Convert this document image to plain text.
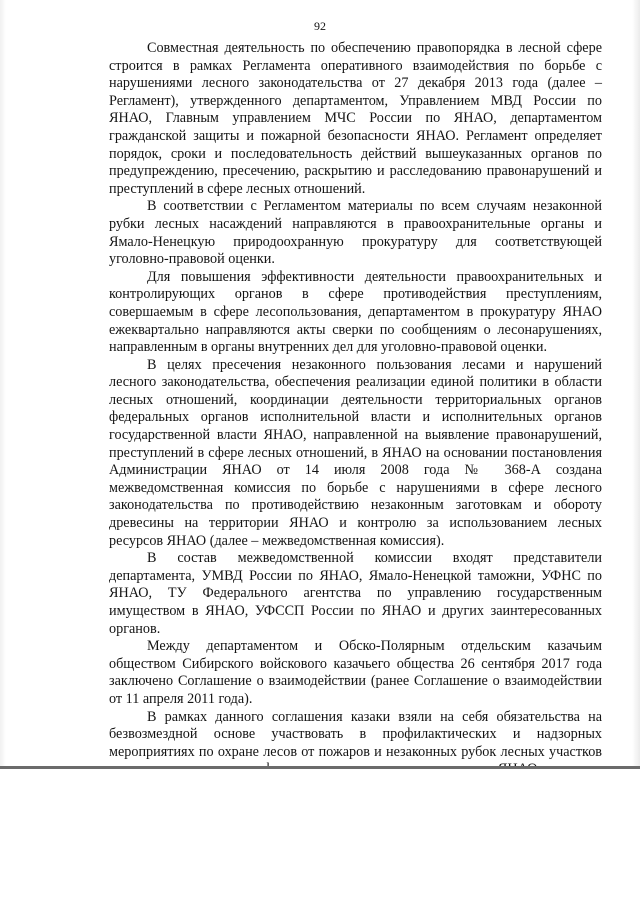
92

Совместная деятельность по обеспечению правопорядка в лесной сфере строится в рамках Регламента оперативного взаимодействия по борьбе с нарушениями лесного законодательства от 27 декабря 2013 года (далее – Регламент), утвержденного департаментом, Управлением МВД России по ЯНАО, Главным управлением МЧС России по ЯНАО, департаментом гражданской защиты и пожарной безопасности ЯНАО. Регламент определяет порядок, сроки и последовательность действий вышеуказанных органов по предупреждению, пресечению, раскрытию и расследованию правонарушений и преступлений в сфере лесных отношений.

В соответствии с Регламентом материалы по всем случаям незаконной рубки лесных насаждений направляются в правоохранительные органы и Ямало-Ненецкую природоохранную прокуратуру для соответствующей уголовно-правовой оценки.

Для повышения эффективности деятельности правоохранительных и контролирующих органов в сфере противодействия преступлениям, совершаемым в сфере лесопользования, департаментом в прокуратуру ЯНАО ежеквартально направляются акты сверки по сообщениям о лесонарушениях, направленным в органы внутренних дел для уголовно-правовой оценки.

В целях пресечения незаконного пользования лесами и нарушений лесного законодательства, обеспечения реализации единой политики в области лесных отношений, координации деятельности территориальных органов федеральных органов исполнительной власти и исполнительных органов государственной власти ЯНАО, направленной на выявление правонарушений, преступлений в сфере лесных отношений, в ЯНАО на основании постановления Администрации ЯНАО от 14 июля 2008 года № 368-А создана межведомственная комиссия по борьбе с нарушениями в сфере лесного законодательства по противодействию незаконным заготовкам и обороту древесины на территории ЯНАО и контролю за использованием лесных ресурсов ЯНАО (далее – межведомственная комиссия).

В состав межведомственной комиссии входят представители департамента, УМВД России по ЯНАО, Ямало-Ненецкой таможни, УФНС по ЯНАО, ТУ Федерального агентства по управлению государственным имуществом в ЯНАО, УФССП России по ЯНАО и других заинтересованных органов.

Между департаментом и Обско-Полярным отдельским казачьим обществом Сибирского войскового казачьего общества 26 сентября 2017 года заключено Соглашение о взаимодействии (ранее Соглашение о взаимодействии от 11 апреля 2011 года).

В рамках данного соглашения казаки взяли на себя обязательства на безвозмездной основе участвовать в профилактических и надзорных мероприятиях по охране лесов от пожаров и незаконных рубок лесных участков
